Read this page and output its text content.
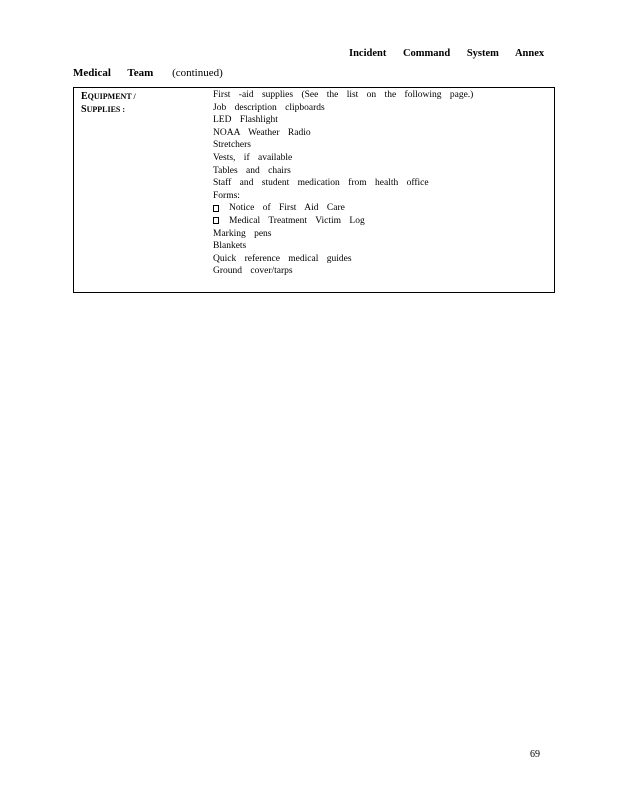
Incident Command System Annex
Medical Team (continued)
EQUIPMENT /
SUPPLIES :
First -aid supplies (See the list on the following page.)
Job description clipboards
LED Flashlight
NOAA Weather Radio
Stretchers
Vests, if available
Tables and chairs
Staff and student medication from health office
Forms:
Notice of First Aid Care
Medical Treatment Victim Log
Marking pens
Blankets
Quick reference medical guides
Ground cover/tarps
69
